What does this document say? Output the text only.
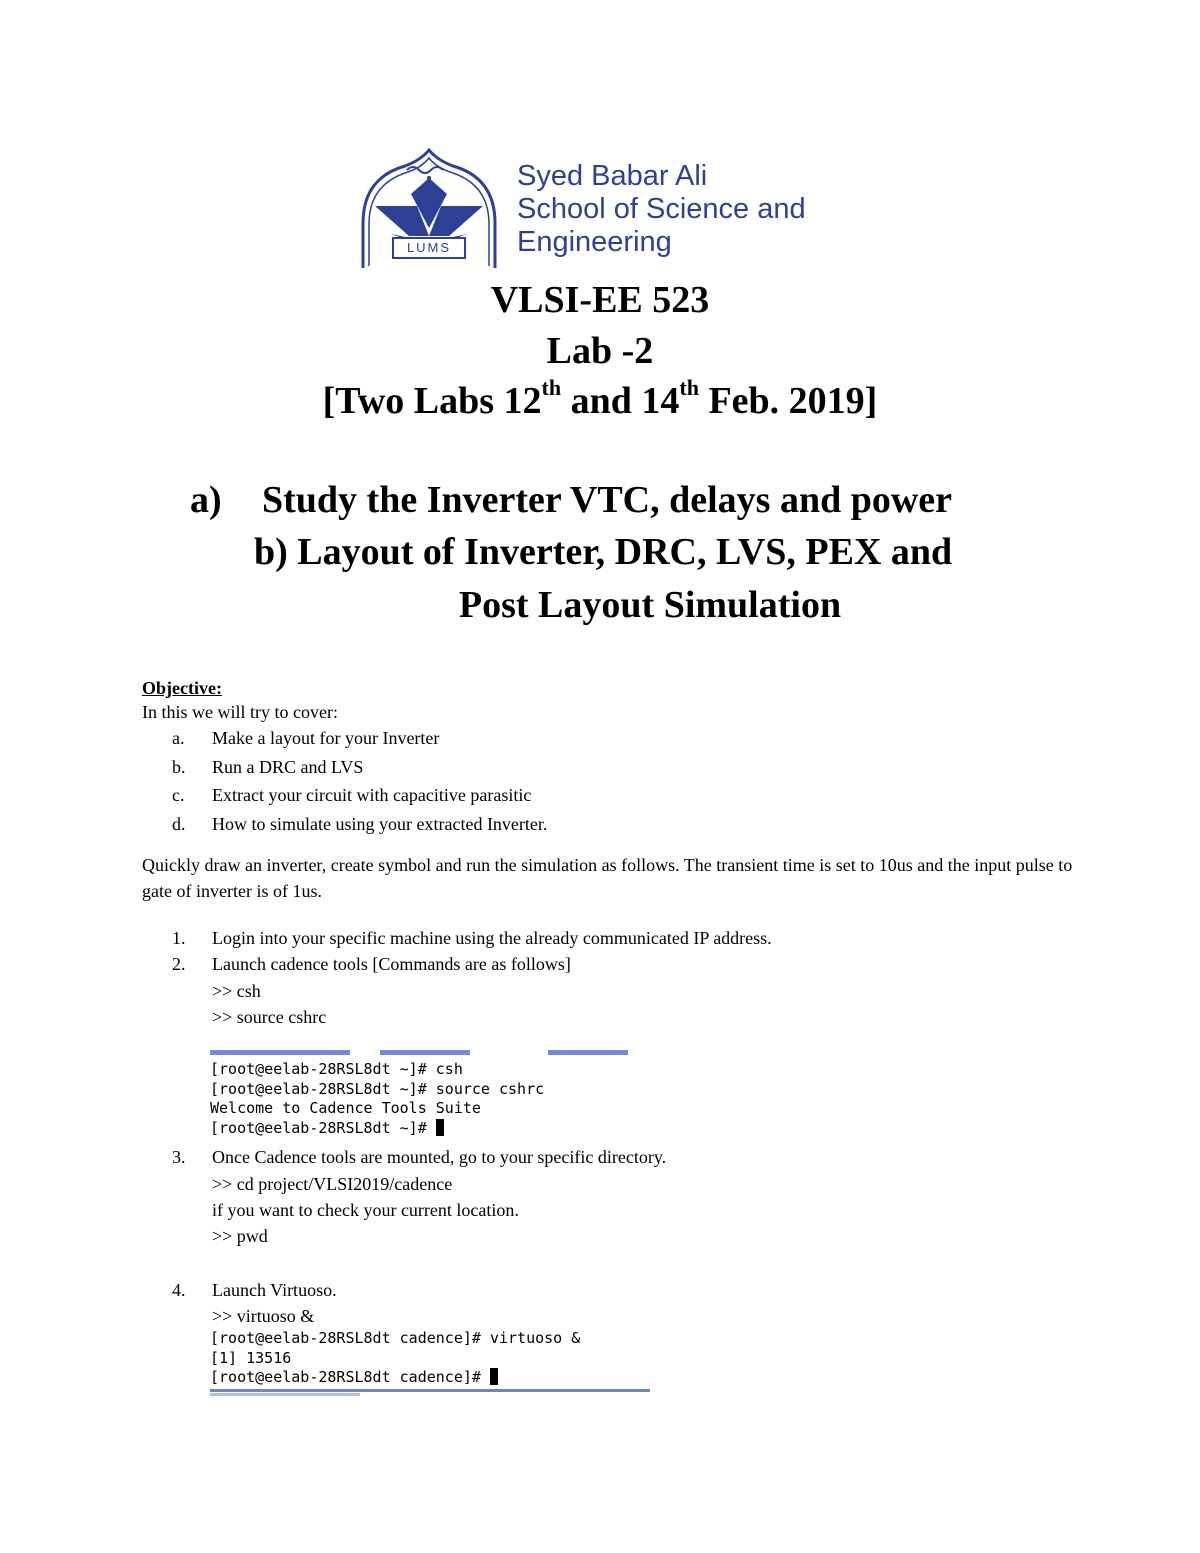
LUMS
Syed Babar Ali
School of Science and
Engineering
VLSI-EE 523
Lab -2
[Two Labs 12th and 14th Feb. 2019]
a) Study the Inverter VTC, delays and power
b) Layout of Inverter, DRC, LVS, PEX and
Post Layout Simulation
Objective:
In this we will try to cover:
a. Make a layout for your Inverter
b. Run a DRC and LVS
c. Extract your circuit with capacitive parasitic
d. How to simulate using your extracted Inverter.
Quickly draw an inverter, create symbol and run the simulation as follows. The transient time is set to 10us and the input pulse to gate of inverter is of 1us.
1. Login into your specific machine using the already communicated IP address.
2. Launch cadence tools [Commands are as follows]
>> csh
>> source cshrc
[root@eelab-28RSL8dt ~]# csh
[root@eelab-28RSL8dt ~]# source cshrc
Welcome to Cadence Tools Suite
[root@eelab-28RSL8dt ~]#
3. Once Cadence tools are mounted, go to your specific directory.
>> cd project/VLSI2019/cadence
if you want to check your current location.
>> pwd
4. Launch Virtuoso.
>> virtuoso &
[root@eelab-28RSL8dt cadence]# virtuoso &
[1] 13516
[root@eelab-28RSL8dt cadence]#
